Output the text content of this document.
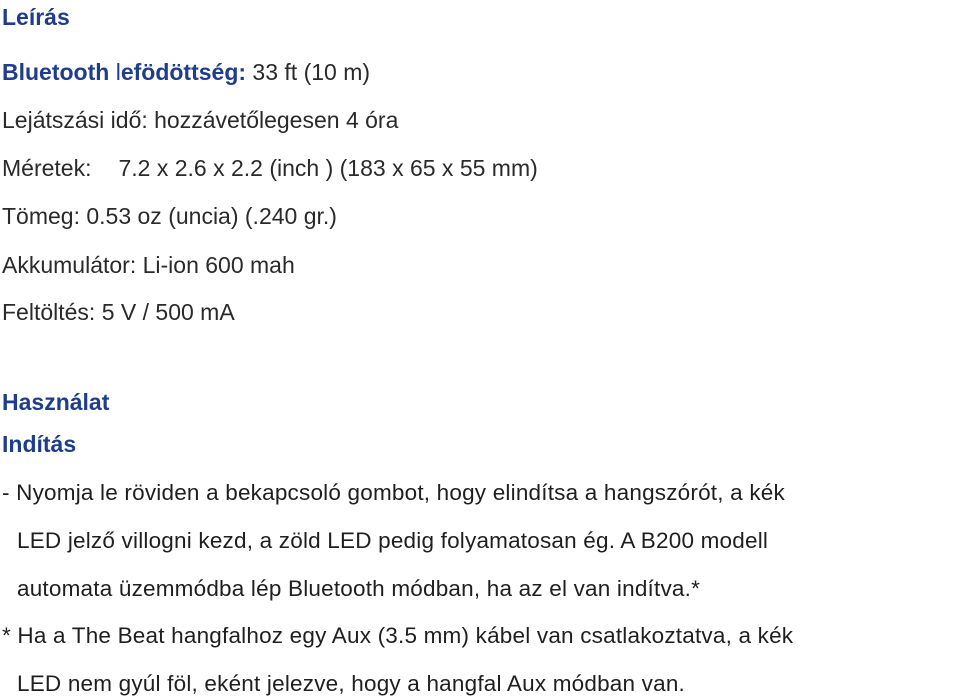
Leírás
Bluetooth lefödöttség: 33 ft (10 m)
Lejátszási idő: hozzávetőlegesen 4 óra
Méretek: 7.2 x 2.6 x 2.2 (inch ) (183 x 65 x 55 mm)
Tömeg: 0.53 oz (uncia) (.240 gr.)
Akkumulátor: Li-ion 600 mah
Feltöltés: 5 V / 500 mA
Használat
Indítás
- Nyomja le röviden a bekapcsoló gombot, hogy elindítsa a hangszórót, a kék
LED jelző villogni kezd, a zöld LED pedig folyamatosan ég. A B200 modell
automata üzemmódba lép Bluetooth módban, ha az el van indítva.*
* Ha a The Beat hangfalhoz egy Aux (3.5 mm) kábel van csatlakoztatva, a kék
LED nem gyúl föl, eként jelezve, hogy a hangfal Aux módban van.
